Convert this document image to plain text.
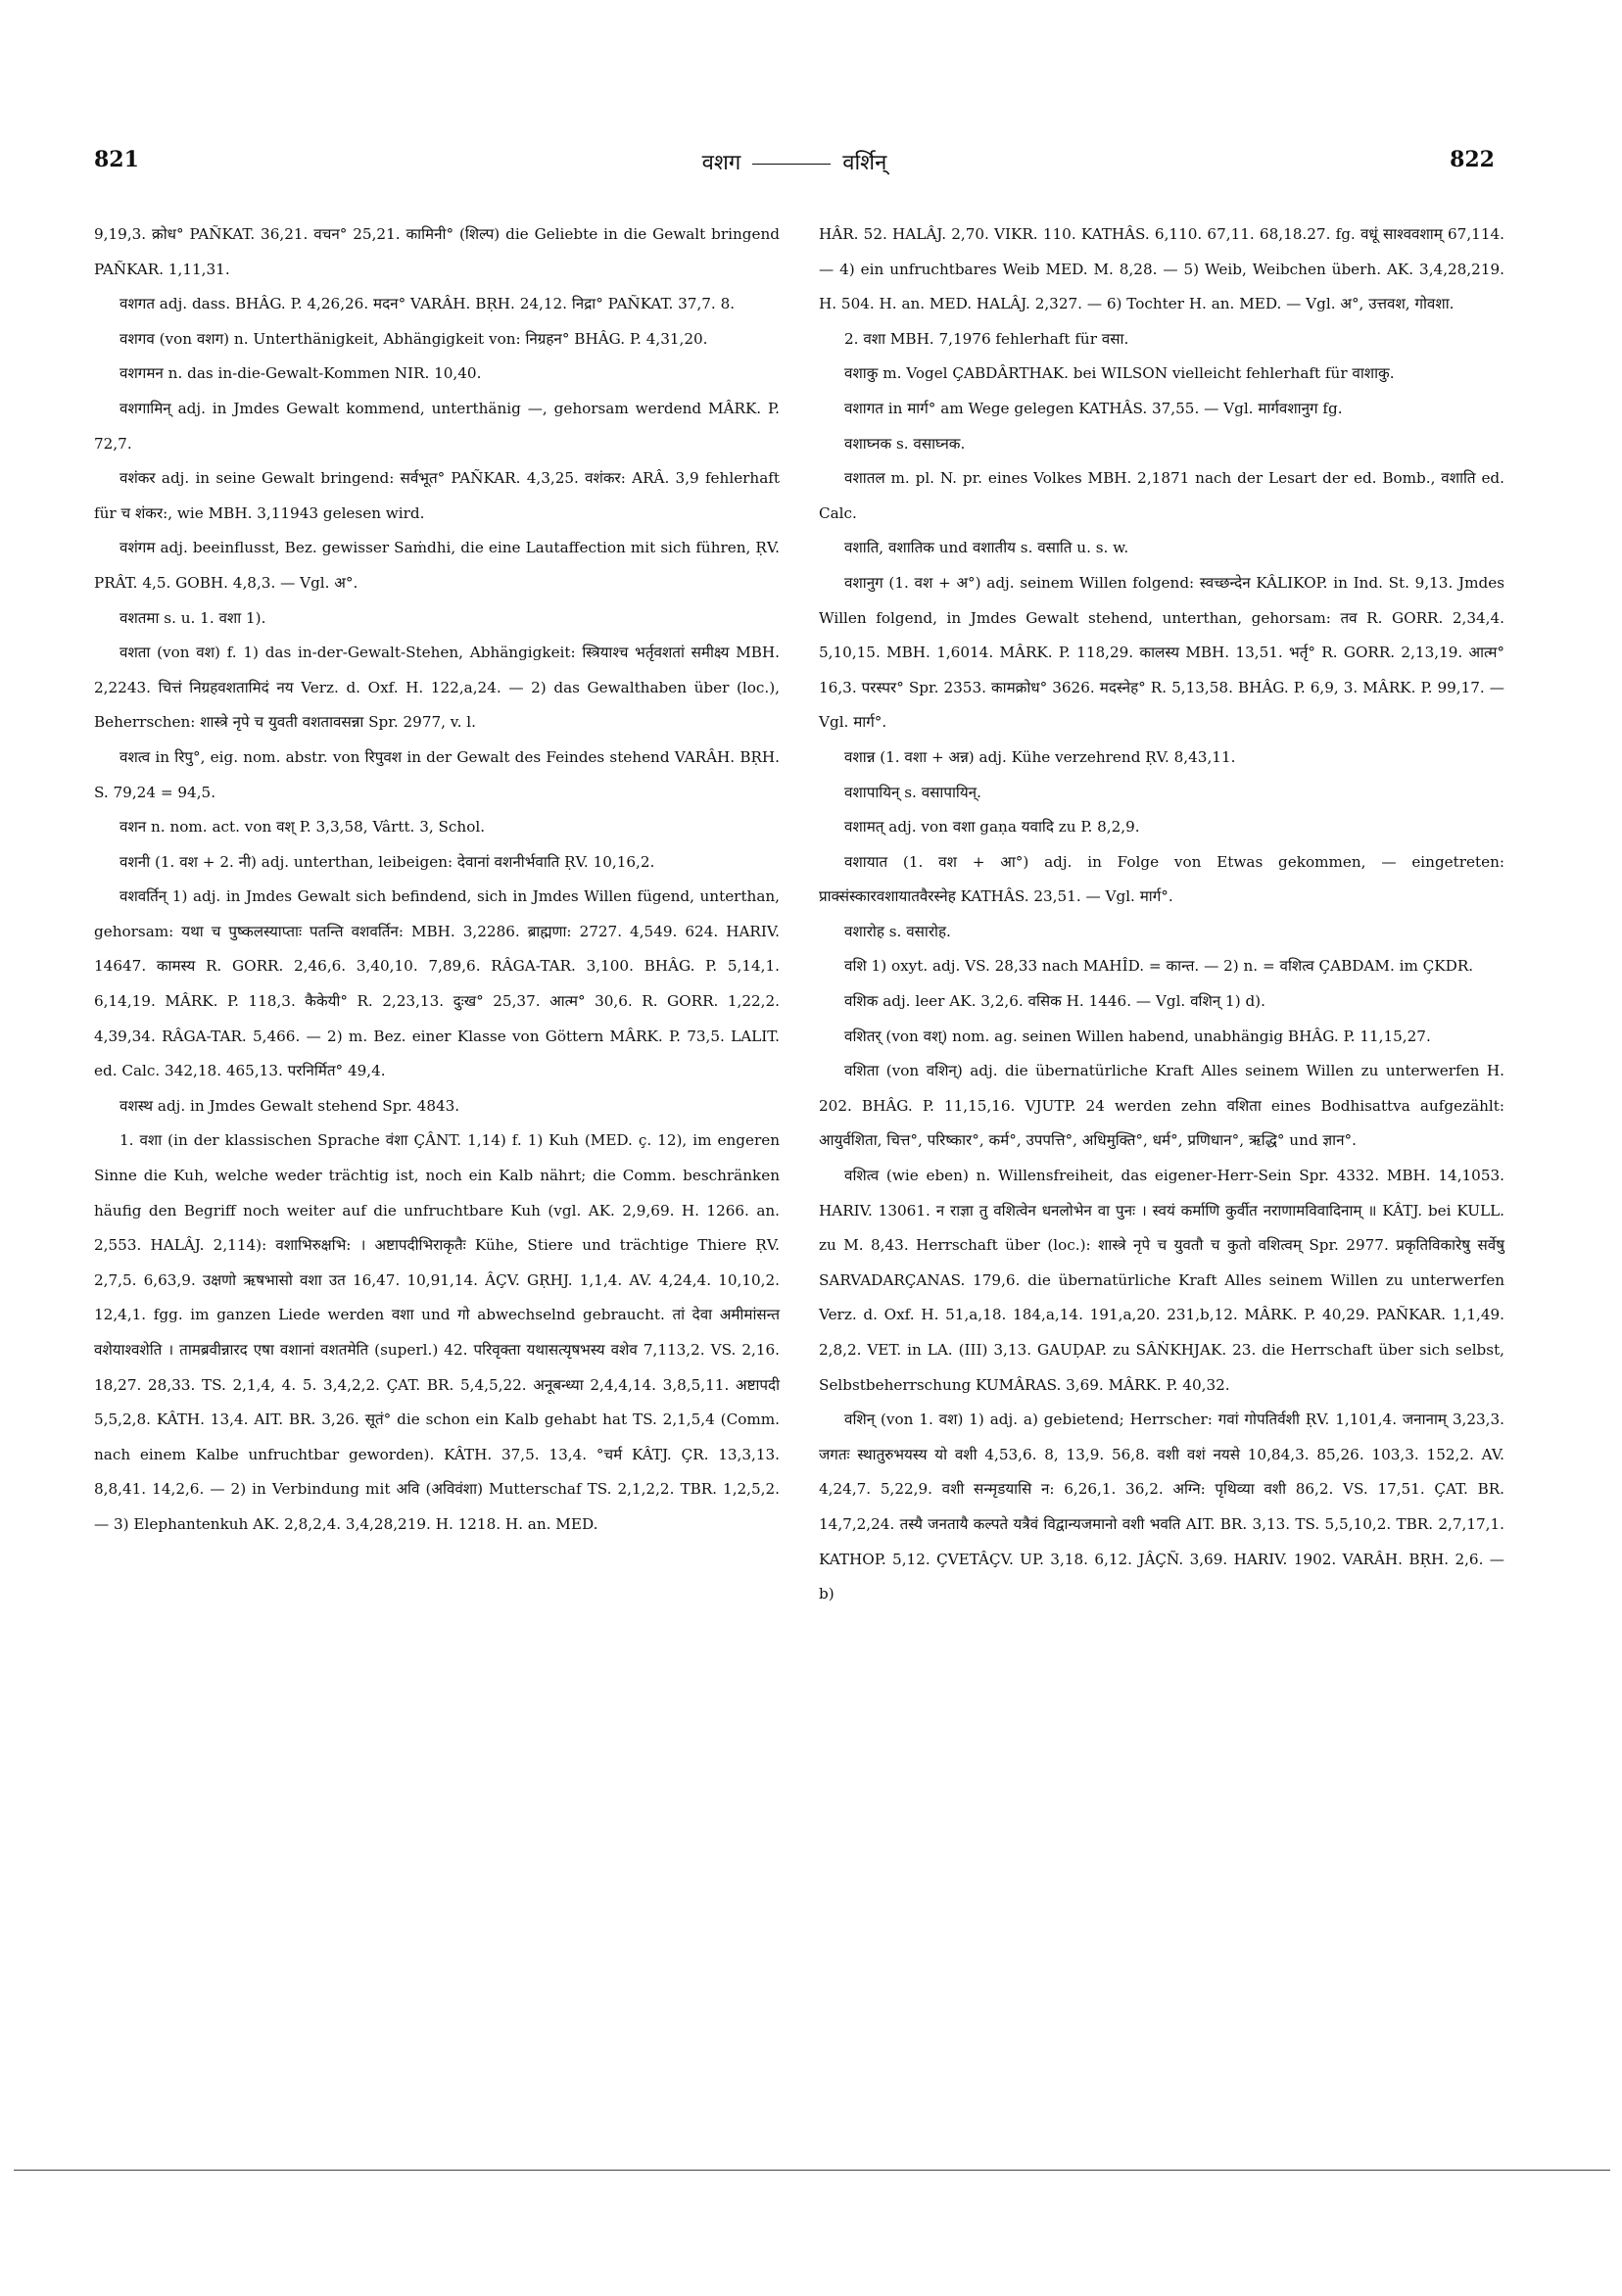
821	वशग	वर्शिन्	822

9,19,3. क्रोध° PAÑKAT. 36,21. वचन° 25,21. कामिनी° (शिल्प) die Geliebte in die Gewalt bringend PAÑKAR. 1,11,31.

वशगत adj. dass. BHÂG. P. 4,26,26. मदन° VARÂH. BṚH. 24,12. निद्रा° PAÑKAT. 37,7. 8.

वशगव (von वशग) n. Unterthänigkeit, Abhängigkeit von: निग्रहन° BHÂG. P. 4,31,20.

वशगमन n. das in-die-Gewalt-Kommen NIR. 10,40.

वशगामिन् adj. in Jmdes Gewalt kommend, unterthänig —, gehorsam werdend MÂRK. P. 72,7.

वशंकर adj. in seine Gewalt bringend: सर्वभूत° PAÑKAR. 4,3,25. वशंकर: ARÂ. 3,9 fehlerhaft für च शंकर:, wie MBH. 3,11943 gelesen wird.

वशंगम adj. beeinflusst, Bez. gewisser Saṁdhi, die eine Lautaffection mit sich führen, ṚV. PRÂT. 4,5. GOBH. 4,8,3. — Vgl. अ°.

वशतमा s. u. 1. वशा 1).

वशता (von वश) f. 1) das in-der-Gewalt-Stehen, Abhängigkeit: स्त्रियाश्च भर्तृवशतां समीक्ष्य MBH. 2,2243. चित्तं निग्रहवशतामिदं नय Verz. d. Oxf. H. 122,a,24. — 2) das Gewalthaben über (loc.), Beherrschen: शास्त्रे नृपे च युवती वशतावसन्ना Spr. 2977, v. l.

वशत्व in रिपु°, eig. nom. abstr. von रिपुवश in der Gewalt des Feindes stehend VARÂH. BṚH. S. 79,24 = 94,5.

वशन n. nom. act. von वश् P. 3,3,58, Vârtt. 3, Schol.

वशनी (1. वश + 2. नी) adj. unterthan, leibeigen: देवानां वशनीर्भवाति ṚV. 10,16,2.

वशवर्तिन् 1) adj. in Jmdes Gewalt sich befindend, sich in Jmdes Willen fügend, unterthan, gehorsam: यथा च पुष्कलस्याप्ताः पतन्ति वशवर्तिन: MBH. 3,2286. ब्राह्मणा: 2727. 4,549. 624. HARIV. 14647. कामस्य R. GORR. 2,46,6. 3,40,10. 7,89,6. RÂGA-TAR. 3,100. BHÂG. P. 5,14,1. 6,14,19. MÂRK. P. 118,3. कैकेयी° R. 2,23,13. दुःख° 25,37. आत्म° 30,6. R. GORR. 1,22,2. 4,39,34. RÂGA-TAR. 5,466. — 2) m. Bez. einer Klasse von Göttern MÂRK. P. 73,5. LALIT. ed. Calc. 342,18. 465,13. परनिर्मित° 49,4.

वशस्थ adj. in Jmdes Gewalt stehend Spr. 4843.

1. वशा (in der klassischen Sprache वंशा ÇÂNT. 1,14) f. 1) Kuh (MED. ç. 12), im engeren Sinne die Kuh, welche weder trächtig ist, noch ein Kalb nährt; die Comm. beschränken häufig den Begriff noch weiter auf die unfruchtbare Kuh (vgl. AK. 2,9,69. H. 1266. an. 2,553. HALÂJ. 2,114): वशाभिरुक्षभि: । अष्टापदीभिराकृतैः Kühe, Stiere und trächtige Thiere ṚV. 2,7,5. 6,63,9. उक्षणो ऋषभासो वशा उत 16,47. 10,91,14. ÂÇV. GṚHJ. 1,1,4. AV. 4,24,4. 10,10,2. 12,4,1. fgg. im ganzen Liede werden वशा und गो abwechselnd gebraucht. तां देवा अमीमांसन्त वशेयाश्वशेति । तामब्रवीन्नारद एषा वशानां वशतमेति (superl.) 42. परिवृक्ता यथासत्यृषभस्य वशेव 7,113,2. VS. 2,16. 18,27. 28,33. TS. 2,1,4, 4. 5. 3,4,2,2. ÇAT. BR. 5,4,5,22. अनूबन्ध्या 2,4,4,14. 3,8,5,11. अष्टापदी 5,5,2,8. KÂTH. 13,4. AIT. BR. 3,26. सूतं° die schon ein Kalb gehabt hat TS. 2,1,5,4 (Comm. nach einem Kalbe unfruchtbar geworden). KÂTH. 37,5. 13,4. °चर्म KÂTJ. ÇR. 13,3,13. 8,8,41. 14,2,6. — 2) in Verbindung mit अवि (अविवंशा) Mutterschaf TS. 2,1,2,2. TBR. 1,2,5,2. — 3) Elephantenkuh AK. 2,8,2,4. 3,4,28,219. H. 1218. H. an. MED.

HÂR. 52. HALÂJ. 2,70. VIKR. 110. KATHÂS. 6,110. 67,11. 68,18.27. fg. वधूं साश्ववशाम् 67,114. — 4) ein unfruchtbares Weib MED. M. 8,28. — 5) Weib, Weibchen überh. AK. 3,4,28,219. H. 504. H. an. MED. HALÂJ. 2,327. — 6) Tochter H. an. MED. — Vgl. अ°, उत्तवश, गोवशा.

2. वशा MBH. 7,1976 fehlerhaft für वसा.

वशाकु m. Vogel ÇABDÂRTHAK. bei WILSON vielleicht fehlerhaft für वाशाकु.

वशागत in मार्ग° am Wege gelegen KATHÂS. 37,55. — Vgl. मार्गवशानुग fg.

वशाघ्नक s. वसाघ्नक.

वशातल m. pl. N. pr. eines Volkes MBH. 2,1871 nach der Lesart der ed. Bomb., वशाति ed. Calc.

वशाति, वशातिक und वशातीय s. वसाति u. s. w.

वशानुग (1. वश + अ°) adj. seinem Willen folgend: स्वच्छन्देन KÂLIKOP. in Ind. St. 9,13. Jmdes Willen folgend, in Jmdes Gewalt stehend, unterthan, gehorsam: तव R. GORR. 2,34,4. 5,10,15. MBH. 1,6014. MÂRK. P. 118,29. कालस्य MBH. 13,51. भर्तृ° R. GORR. 2,13,19. आत्म° 16,3. परस्पर° Spr. 2353. कामक्रोध° 3626. मदस्नेह° R. 5,13,58. BHÂG. P. 6,9, 3. MÂRK. P. 99,17. — Vgl. मार्ग°.

वशान्न (1. वशा + अन्न) adj. Kühe verzehrend ṚV. 8,43,11.

वशापायिन् s. वसापायिन्.

वशामत् adj. von वशा gaṇa यवादि zu P. 8,2,9.

वशायात (1. वश + आ°) adj. in Folge von Etwas gekommen, — eingetreten: प्राक्संस्कारवशायातवैरस्नेह KATHÂS. 23,51. — Vgl. मार्ग°.

वशारोह s. वसारोह.

वशि 1) oxyt. adj. VS. 28,33 nach MAHÎD. = कान्त. — 2) n. = वशित्व ÇABDAM. im ÇKDR.

वशिक adj. leer AK. 3,2,6. वसिक H. 1446. — Vgl. वशिन् 1) d).

वशितर् (von वश्) nom. ag. seinen Willen habend, unabhängig BHÂG. P. 11,15,27.

वशिता (von वशिन्) adj. die übernatürliche Kraft Alles seinem Willen zu unterwerfen H. 202. BHÂG. P. 11,15,16. VJUTP. 24 werden zehn वशिता eines Bodhisattva aufgezählt: आयुर्वशिता, चित्त°, परिष्कार°, कर्म°, उपपत्ति°, अधिमुक्ति°, धर्म°, प्रणिधान°, ऋद्धि° und ज्ञान°.

वशित्व (wie eben) n. Willensfreiheit, das eigener-Herr-Sein Spr. 4332. MBH. 14,1053. HARIV. 13061. न राज्ञा तु वशित्वेन धनलोभेन वा पुनः । स्वयं कर्माणि कुर्वीत नराणामविवादिनाम् ॥ KÂTJ. bei KULL. zu M. 8,43. Herrschaft über (loc.): शास्त्रे नृपे च युवतौ च कुतो वशित्वम् Spr. 2977. प्रकृतिविकारेषु सर्वेषु SARVADARÇANAS. 179,6. die übernatürliche Kraft Alles seinem Willen zu unterwerfen Verz. d. Oxf. H. 51,a,18. 184,a,14. 191,a,20. 231,b,12. MÂRK. P. 40,29. PAÑKAR. 1,1,49. 2,8,2. VET. in LA. (III) 3,13. GAUḌAP. zu SÂṄKHJAK. 23. die Herrschaft über sich selbst, Selbstbeherrschung KUMÂRAS. 3,69. MÂRK. P. 40,32.

वशिन् (von 1. वश) 1) adj. a) gebietend; Herrscher: गवां गोपतिर्वशी ṚV. 1,101,4. जनानाम् 3,23,3. जगतः स्थातुरुभयस्य यो वशी 4,53,6. 8, 13,9. 56,8. वशी वशं नयसे 10,84,3. 85,26. 103,3. 152,2. AV. 4,24,7. 5,22,9. वशी सन्मृडयासि न: 6,26,1. 36,2. अग्नि: पृथिव्या वशी 86,2. VS. 17,51. ÇAT. BR. 14,7,2,24. तस्यै जनतायै कल्पते यत्रैवं विद्वान्यजमानो वशी भवति AIT. BR. 3,13. TS. 5,5,10,2. TBR. 2,7,17,1. KATHOP. 5,12. ÇVETÂÇV. UP. 3,18. 6,12. JÂÇÑ. 3,69. HARIV. 1902. VARÂH. BṚH. 2,6. — b)
